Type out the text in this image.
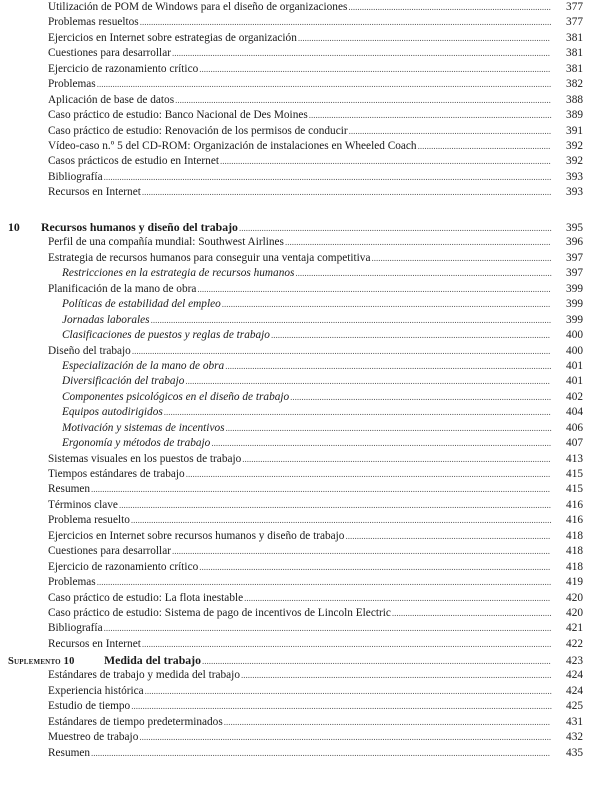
Utilización de POM de Windows para el diseño de organizaciones .......................................................................................... 377
Problemas resueltos ....................................................................................................................................................................................... 377
Ejercicios en Internet sobre estrategias de organización ................................................................................................................ 381
Cuestiones para desarrollar ........................................................................................................................................................................ 381
Ejercicio de razonamiento crítico ............................................................................................................................................................ 381
Problemas .......................................................................................................................................................................................................... 382
Aplicación de base de datos ....................................................................................................................................................................... 388
Caso práctico de estudio: Banco Nacional de Des Moines ............................................................................................................ 389
Caso práctico de estudio: Renovación de los permisos de conducir .......................................................................................... 391
Vídeo-caso n.º 5 del CD-ROM: Organización de instalaciones en Wheeled Coach ........................................................... 392
Casos prácticos de estudio en Internet ................................................................................................................................................... 392
Bibliografía ....................................................................................................................................................................................................... 393
Recursos en Internet ...................................................................................................................................................................................... 393
10	Recursos humanos y diseño del trabajo ........................................................................................................................................... 395
Perfil de una compañía mundial: Southwest Airlines ...................................................................................................................... 396
Estrategia de recursos humanos para conseguir una ventaja competitiva ................................................................................ 397
Restricciones en la estrategia de recursos humanos .................................................................................................................. 397
Planificación de la mano de obra ............................................................................................................................................................. 399
Políticas de estabilidad del empleo .................................................................................................................................................. 399
Jornadas laborales .................................................................................................................................................................................. 399
Clasificaciones de puestos y reglas de trabajo ............................................................................................................................ 400
Diseño del trabajo .......................................................................................................................................................................................... 400
Especialización de la mano de obra ................................................................................................................................................. 401
Diversificación del trabajo .................................................................................................................................................................. 401
Componentes psicológicos en el diseño de trabajo .................................................................................................................... 402
Equipos autodirigidos ............................................................................................................................................................................ 404
Motivación y sistemas de incentivos ................................................................................................................................................. 406
Ergonomía y métodos de trabajo ....................................................................................................................................................... 407
Sistemas visuales en los puestos de trabajo ......................................................................................................................................... 413
Tiempos estándares de trabajo .................................................................................................................................................................. 415
Resumen ............................................................................................................................................................................................................ 415
Términos clave ................................................................................................................................................................................................ 416
Problema resuelto ........................................................................................................................................................................................... 416
Ejercicios en Internet sobre recursos humanos y diseño de trabajo ........................................................................................... 418
Cuestiones para desarrollar ........................................................................................................................................................................ 418
Ejercicio de razonamiento crítico ............................................................................................................................................................ 418
Problemas .......................................................................................................................................................................................................... 419
Caso práctico de estudio: La flota inestable ........................................................................................................................................ 420
Caso práctico de estudio: Sistema de pago de incentivos de Lincoln Electric ....................................................................... 420
Bibliografía ....................................................................................................................................................................................................... 421
Recursos en Internet ...................................................................................................................................................................................... 422
Suplemento 10	Medida del trabajo ........................................................................................................................................................... 423
Estándares de trabajo y medida del trabajo .......................................................................................................................................... 424
Experiencia histórica ..................................................................................................................................................................................... 424
Estudio de tiempo ........................................................................................................................................................................................... 425
Estándares de tiempo predeterminados ................................................................................................................................................. 431
Muestreo de trabajo ....................................................................................................................................................................................... 432
Resumen ............................................................................................................................................................................................................ 435
